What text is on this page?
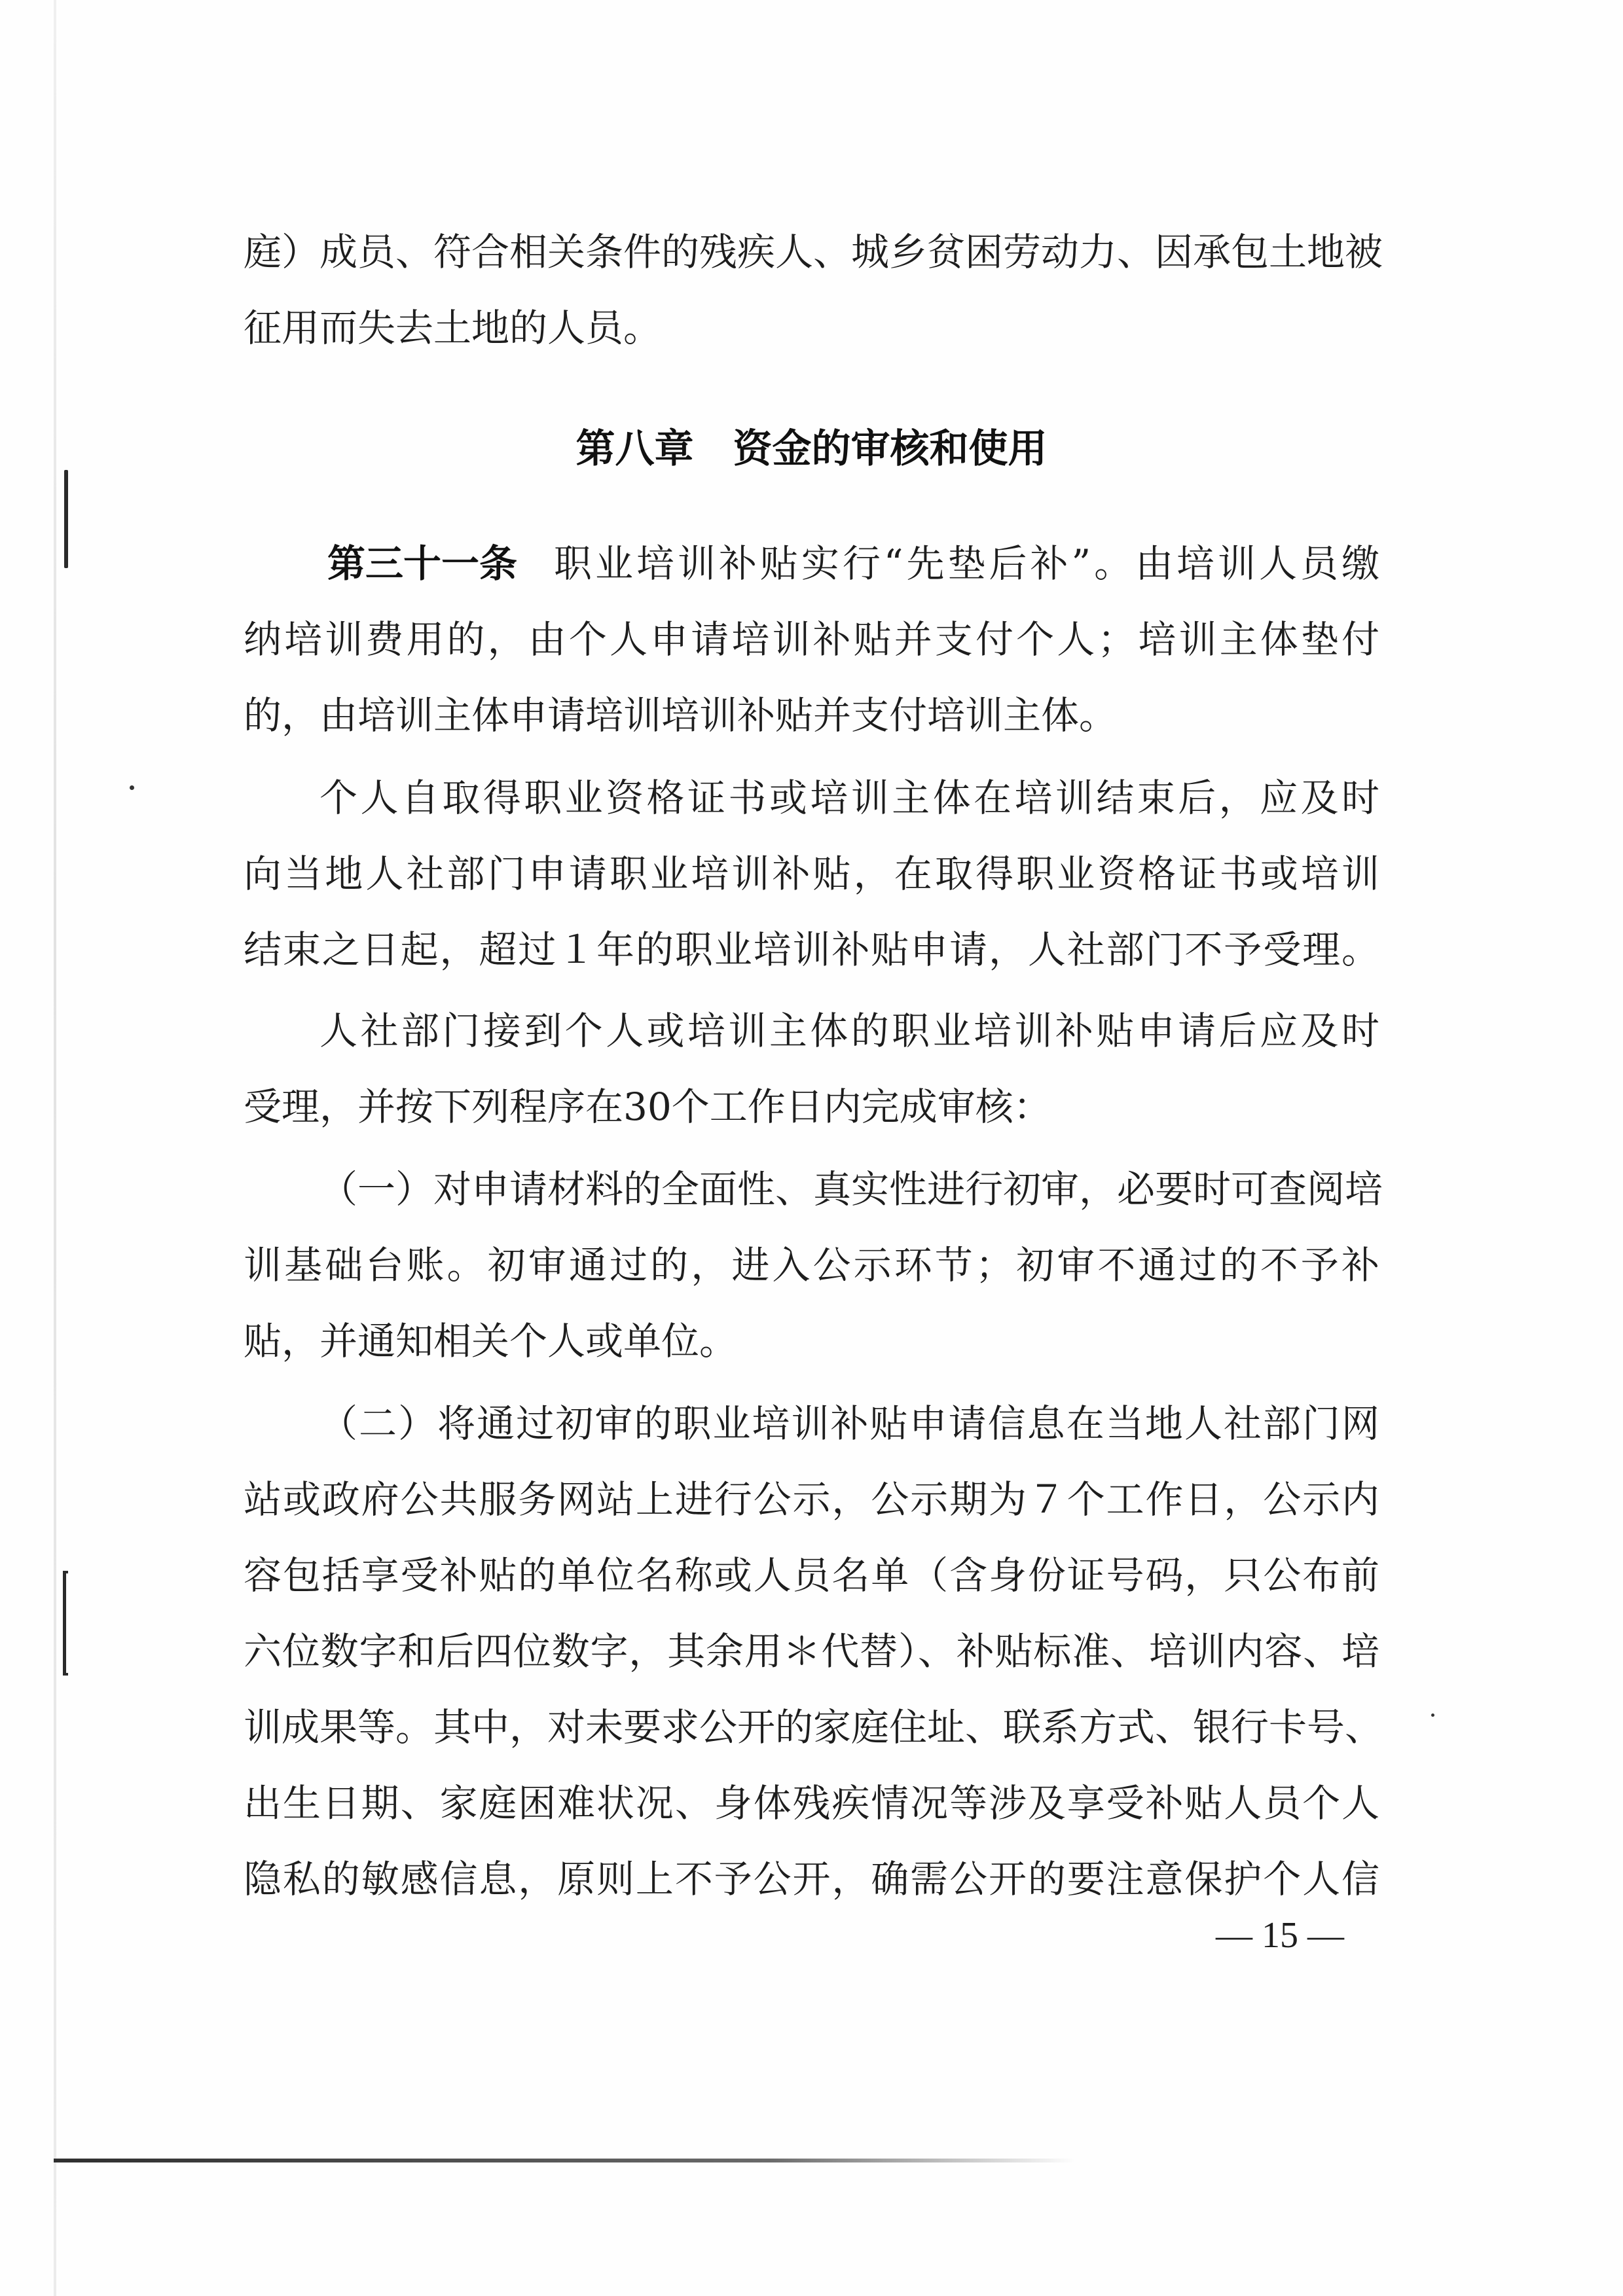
庭）成员、符合相关条件的残疾人、城乡贫困劳动力、因承包土地被
征用而失去土地的人员。
第八章　资金的审核和使用
第三十一条 职业培训补贴实行“先垫后补”。由培训人员缴
纳培训费用的，由个人申请培训补贴并支付个人；培训主体垫付
的，由培训主体申请培训培训补贴并支付培训主体。
个人自取得职业资格证书或培训主体在培训结束后，应及时
向当地人社部门申请职业培训补贴，在取得职业资格证书或培训
结束之日起，超过１年的职业培训补贴申请，人社部门不予受理。
人社部门接到个人或培训主体的职业培训补贴申请后应及时
受理，并按下列程序在30个工作日内完成审核：
（一）对申请材料的全面性、真实性进行初审，必要时可查阅培
训基础台账。初审通过的，进入公示环节；初审不通过的不予补
贴，并通知相关个人或单位。
（二）将通过初审的职业培训补贴申请信息在当地人社部门网
站或政府公共服务网站上进行公示，公示期为７个工作日，公示内
容包括享受补贴的单位名称或人员名单（含身份证号码，只公布前
六位数字和后四位数字，其余用＊代替）、补贴标准、培训内容、培
训成果等。其中，对未要求公开的家庭住址、联系方式、银行卡号、
出生日期、家庭困难状况、身体残疾情况等涉及享受补贴人员个人
隐私的敏感信息，原则上不予公开，确需公开的要注意保护个人信
— 15 —
